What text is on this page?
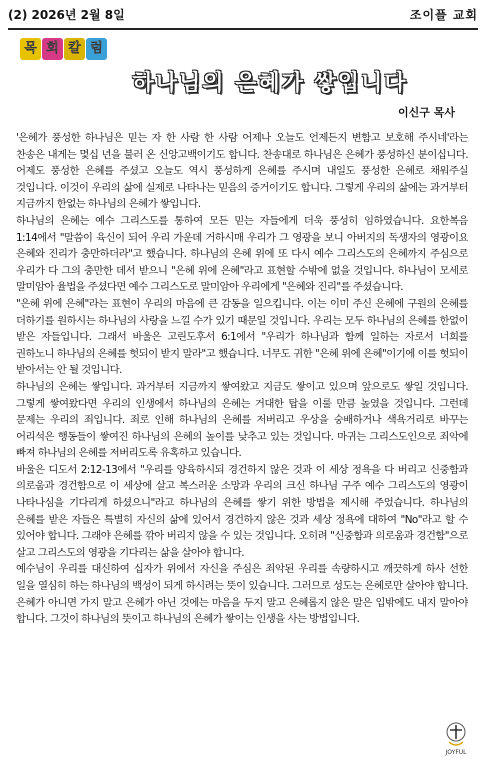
(2) 2026년 2월 8일	조이플 교회
목 회 칼 럼
하나님의 은혜가 쌓입니다
이신구 목사

'은혜가 풍성한 하나님은 믿는 자 한 사람 한 사람 어제나 오늘도 언제든지 변함고 보호해 주시네'라는 찬송은 내게는 몇십 년을 불러 온 신앙고백이기도 합니다. 찬송대로 하나님은 은혜가 풍성하신 분이십니다. 어제도 풍성한 은혜를 주셨고 오늘도 역시 풍성하게 은혜를 주시며 내일도 풍성한 은혜로 채워주실 것입니다. 이것이 우리의 삶에 실제로 나타나는 믿음의 증거이기도 합니다. 그렇게 우리의 삶에는 과거부터 지금까지 한없는 하나님의 은혜가 쌓입니다.

하나님의 은혜는 예수 그리스도를 통하여 모든 믿는 자들에게 더욱 풍성히 임하였습니다. 요한복음 1:14에서 "말씀이 육신이 되어 우리 가운데 거하시매 우리가 그 영광을 보니 아버지의 독생자의 영광이요 은혜와 진리가 충만하더라"고 했습니다. 하나님의 은혜 위에 또 다시 예수 그리스도의 은혜까지 주심으로 우리가 다 그의 충만한 데서 받으니 "은혜 위에 은혜"라고 표현할 수밖에 없을 것입니다. 하나님이 모세로 말미암아 율법을 주셨다면 예수 그리스도로 말미암아 우리에게 "은혜와 진리"를 주셨습니다.

"은혜 위에 은혜"라는 표현이 우리의 마음에 큰 감동을 일으킵니다. 이는 이미 주신 은혜에 구원의 은혜를 더하기를 원하시는 하나님의 사랑을 느낄 수가 있기 때문일 것입니다. 우리는 모두 하나님의 은혜를 한없이 받은 자들입니다. 그래서 바울은 고린도후서 6:1에서 "우리가 하나님과 함께 일하는 자로서 너희를 권하노니 하나님의 은혜를 헛되이 받지 말라"고 했습니다. 너무도 귀한 "은혜 위에 은혜"이기에 이를 헛되이 받아서는 안 될 것입니다.

하나님의 은혜는 쌓입니다. 과거부터 지금까지 쌓여왔고 지금도 쌓이고 있으며 앞으로도 쌓일 것입니다. 그렇게 쌓여왔다면 우리의 인생에서 하나님의 은혜는 거대한 탑을 이룰 만큼 높였을 것입니다. 그런데 문제는 우리의 죄입니다. 죄로 인해 하나님의 은혜를 저버리고 우상을 숭배하거나 색욕거리로 바꾸는 어리석은 행동들이 쌓여진 하나님의 은혜의 높이를 낮추고 있는 것입니다. 마귀는 그리스도인으로 죄악에 빠져 하나님의 은혜를 저버리도록 유혹하고 있습니다.

바울은 디도서 2:12-13에서 "우리를 양육하시되 경건하지 않은 것과 이 세상 정욕을 다 버리고 신중함과 의로움과 경건함으로 이 세상에 살고 복스러운 소망과 우리의 크신 하나님 구주 예수 그리스도의 영광이 나타나심을 기다리게 하셨으니"라고 하나님의 은혜를 쌓기 위한 방법을 제시해 주었습니다. 하나님의 은혜를 받은 자들은 특별히 자신의 삶에 있어서 경건하지 않은 것과 세상 정욕에 대하여 "No"라고 할 수 있어야 합니다. 그래야 은혜를 깎아 버리지 않을 수 있는 것입니다. 오히려 "신중함과 의로움과 경건함"으로 살고 그리스도의 영광을 기다리는 삶을 살아야 합니다.

예수님이 우리를 대신하여 십자가 위에서 자신을 주심은 죄악된 우리를 속량하시고 깨끗하게 하사 선한 일을 열심히 하는 하나님의 백성이 되게 하시려는 뜻이 있습니다. 그러므로 성도는 은혜로만 살아야 합니다. 은혜가 아니면 가지 말고 은혜가 아닌 것에는 마음을 두지 말고 은혜롭지 않은 말은 입밖에도 내지 말아야 합니다. 그것이 하나님의 뜻이고 하나님의 은혜가 쌓이는 인생을 사는 방법입니다.

JOYFUL
